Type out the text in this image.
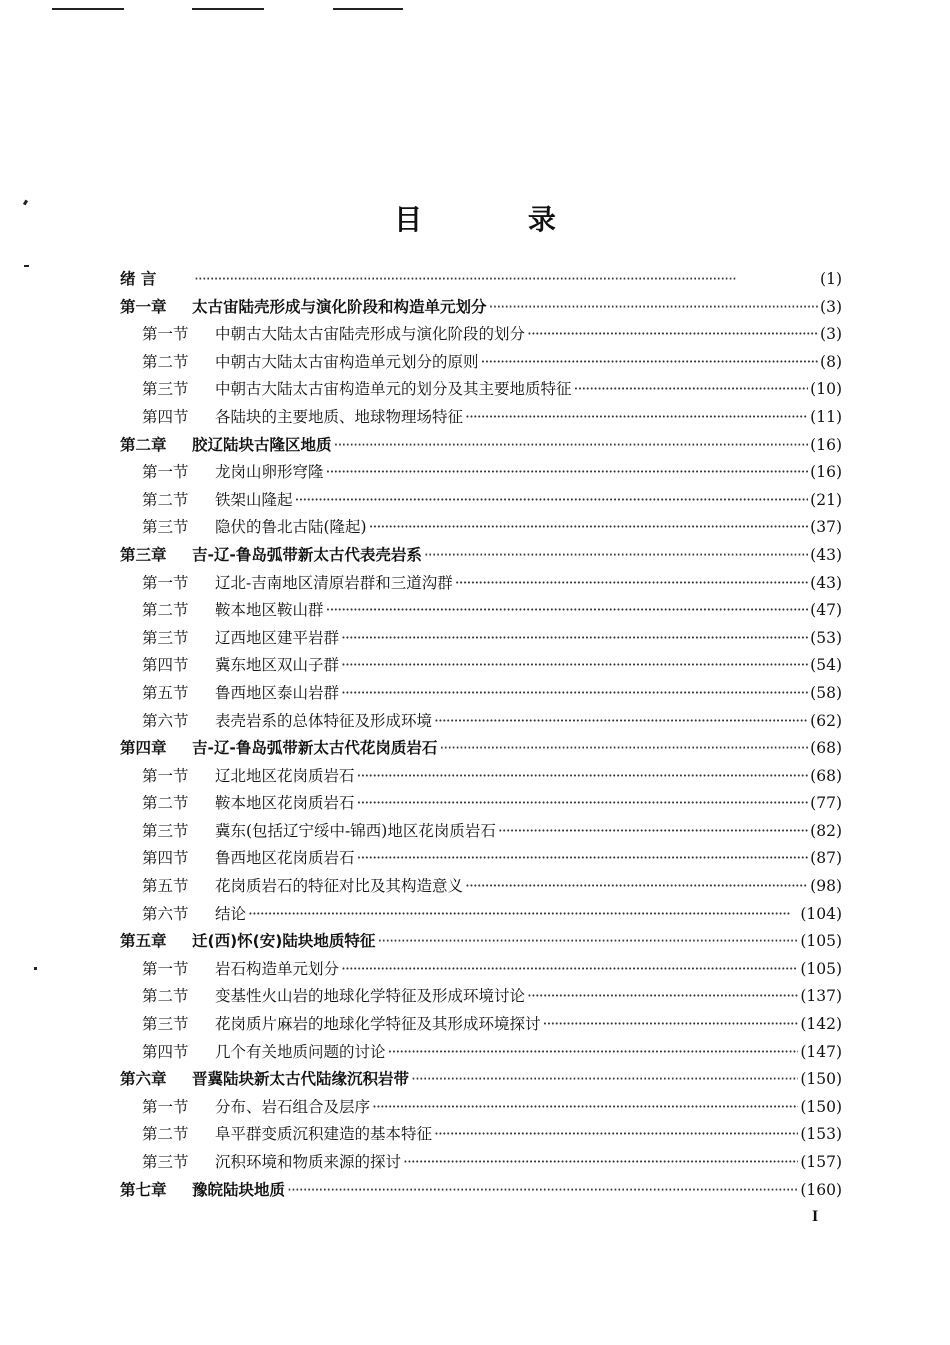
目 录
绪 言 ·····	(1)
第一章	太古宙陆壳形成与演化阶段和构造单元划分 ·····	(3)
第一节	中朝古大陆太古宙陆壳形成与演化阶段的划分 ·····	(3)
第二节	中朝古大陆太古宙构造单元划分的原则 ·····	(8)
第三节	中朝古大陆太古宙构造单元的划分及其主要地质特征 ·····	(10)
第四节	各陆块的主要地质、地球物理场特征 ·····	(11)
第二章	胶辽陆块古隆区地质 ·····	(16)
第一节	龙岗山卵形穹隆 ·····	(16)
第二节	铁架山隆起 ·····	(21)
第三节	隐伏的鲁北古陆(隆起) ·····	(37)
第三章	吉-辽-鲁岛弧带新太古代表壳岩系 ·····	(43)
第一节	辽北-吉南地区清原岩群和三道沟群 ·····	(43)
第二节	鞍本地区鞍山群 ·····	(47)
第三节	辽西地区建平岩群 ·····	(53)
第四节	冀东地区双山子群 ·····	(54)
第五节	鲁西地区泰山岩群 ·····	(58)
第六节	表壳岩系的总体特征及形成环境 ·····	(62)
第四章	吉-辽-鲁岛弧带新太古代花岗质岩石 ·····	(68)
第一节	辽北地区花岗质岩石 ·····	(68)
第二节	鞍本地区花岗质岩石 ·····	(77)
第三节	冀东(包括辽宁绥中-锦西)地区花岗质岩石 ·····	(82)
第四节	鲁西地区花岗质岩石 ·····	(87)
第五节	花岗质岩石的特征对比及其构造意义 ·····	(98)
第六节	结论 ·····	(104)
第五章	迁(西)怀(安)陆块地质特征 ·····	(105)
第一节	岩石构造单元划分 ·····	(105)
第二节	变基性火山岩的地球化学特征及形成环境讨论 ·····	(137)
第三节	花岗质片麻岩的地球化学特征及其形成环境探讨 ·····	(142)
第四节	几个有关地质问题的讨论 ·····	(147)
第六章	晋冀陆块新太古代陆缘沉积岩带 ·····	(150)
第一节	分布、岩石组合及层序 ·····	(150)
第二节	阜平群变质沉积建造的基本特征 ·····	(153)
第三节	沉积环境和物质来源的探讨 ·····	(157)
第七章	豫皖陆块地质 ·····	(160)
I
